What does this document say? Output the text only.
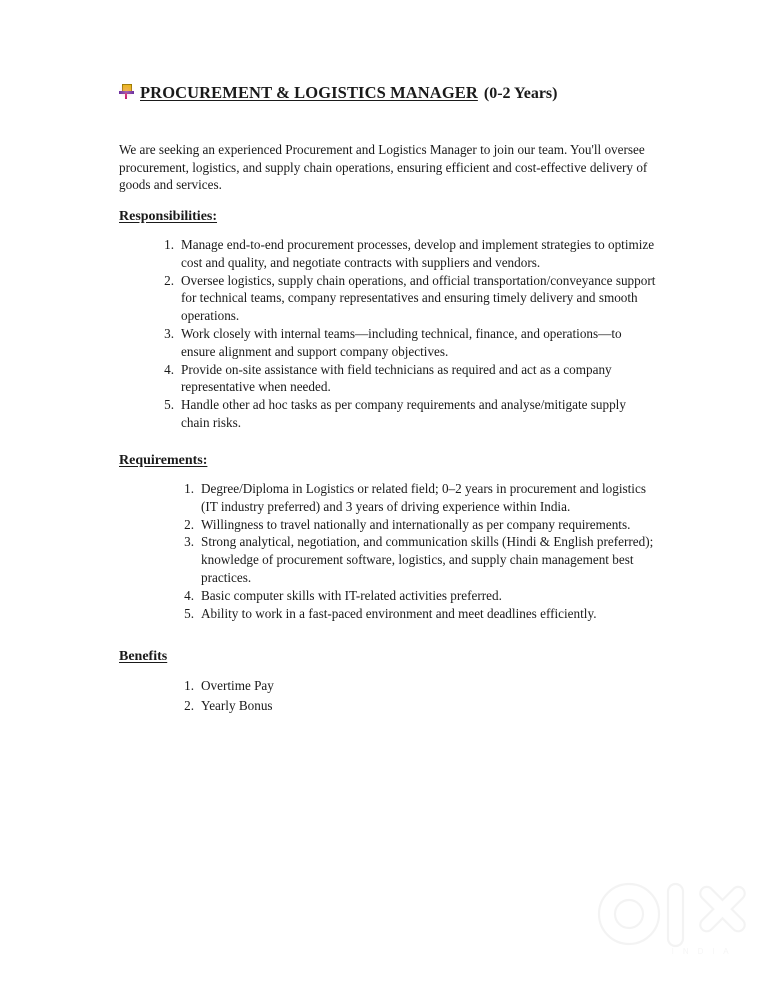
PROCUREMENT & LOGISTICS MANAGER (0-2 Years)

We are seeking an experienced Procurement and Logistics Manager to join our team. You'll oversee procurement, logistics, and supply chain operations, ensuring efficient and cost-effective delivery of goods and services.

Responsibilities:
1. Manage end-to-end procurement processes, develop and implement strategies to optimize cost and quality, and negotiate contracts with suppliers and vendors.
2. Oversee logistics, supply chain operations, and official transportation/conveyance support for technical teams, company representatives and ensuring timely delivery and smooth operations.
3. Work closely with internal teams—including technical, finance, and operations—to ensure alignment and support company objectives.
4. Provide on-site assistance with field technicians as required and act as a company representative when needed.
5. Handle other ad hoc tasks as per company requirements and analyse/mitigate supply chain risks.
Requirements:
1. Degree/Diploma in Logistics or related field; 0–2 years in procurement and logistics (IT industry preferred) and 3 years of driving experience within India.
2. Willingness to travel nationally and internationally as per company requirements.
3. Strong analytical, negotiation, and communication skills (Hindi & English preferred); knowledge of procurement software, logistics, and supply chain management best practices.
4. Basic computer skills with IT-related activities preferred.
5. Ability to work in a fast-paced environment and meet deadlines efficiently.
Benefits
1. Overtime Pay
2. Yearly Bonus
I N D I A
